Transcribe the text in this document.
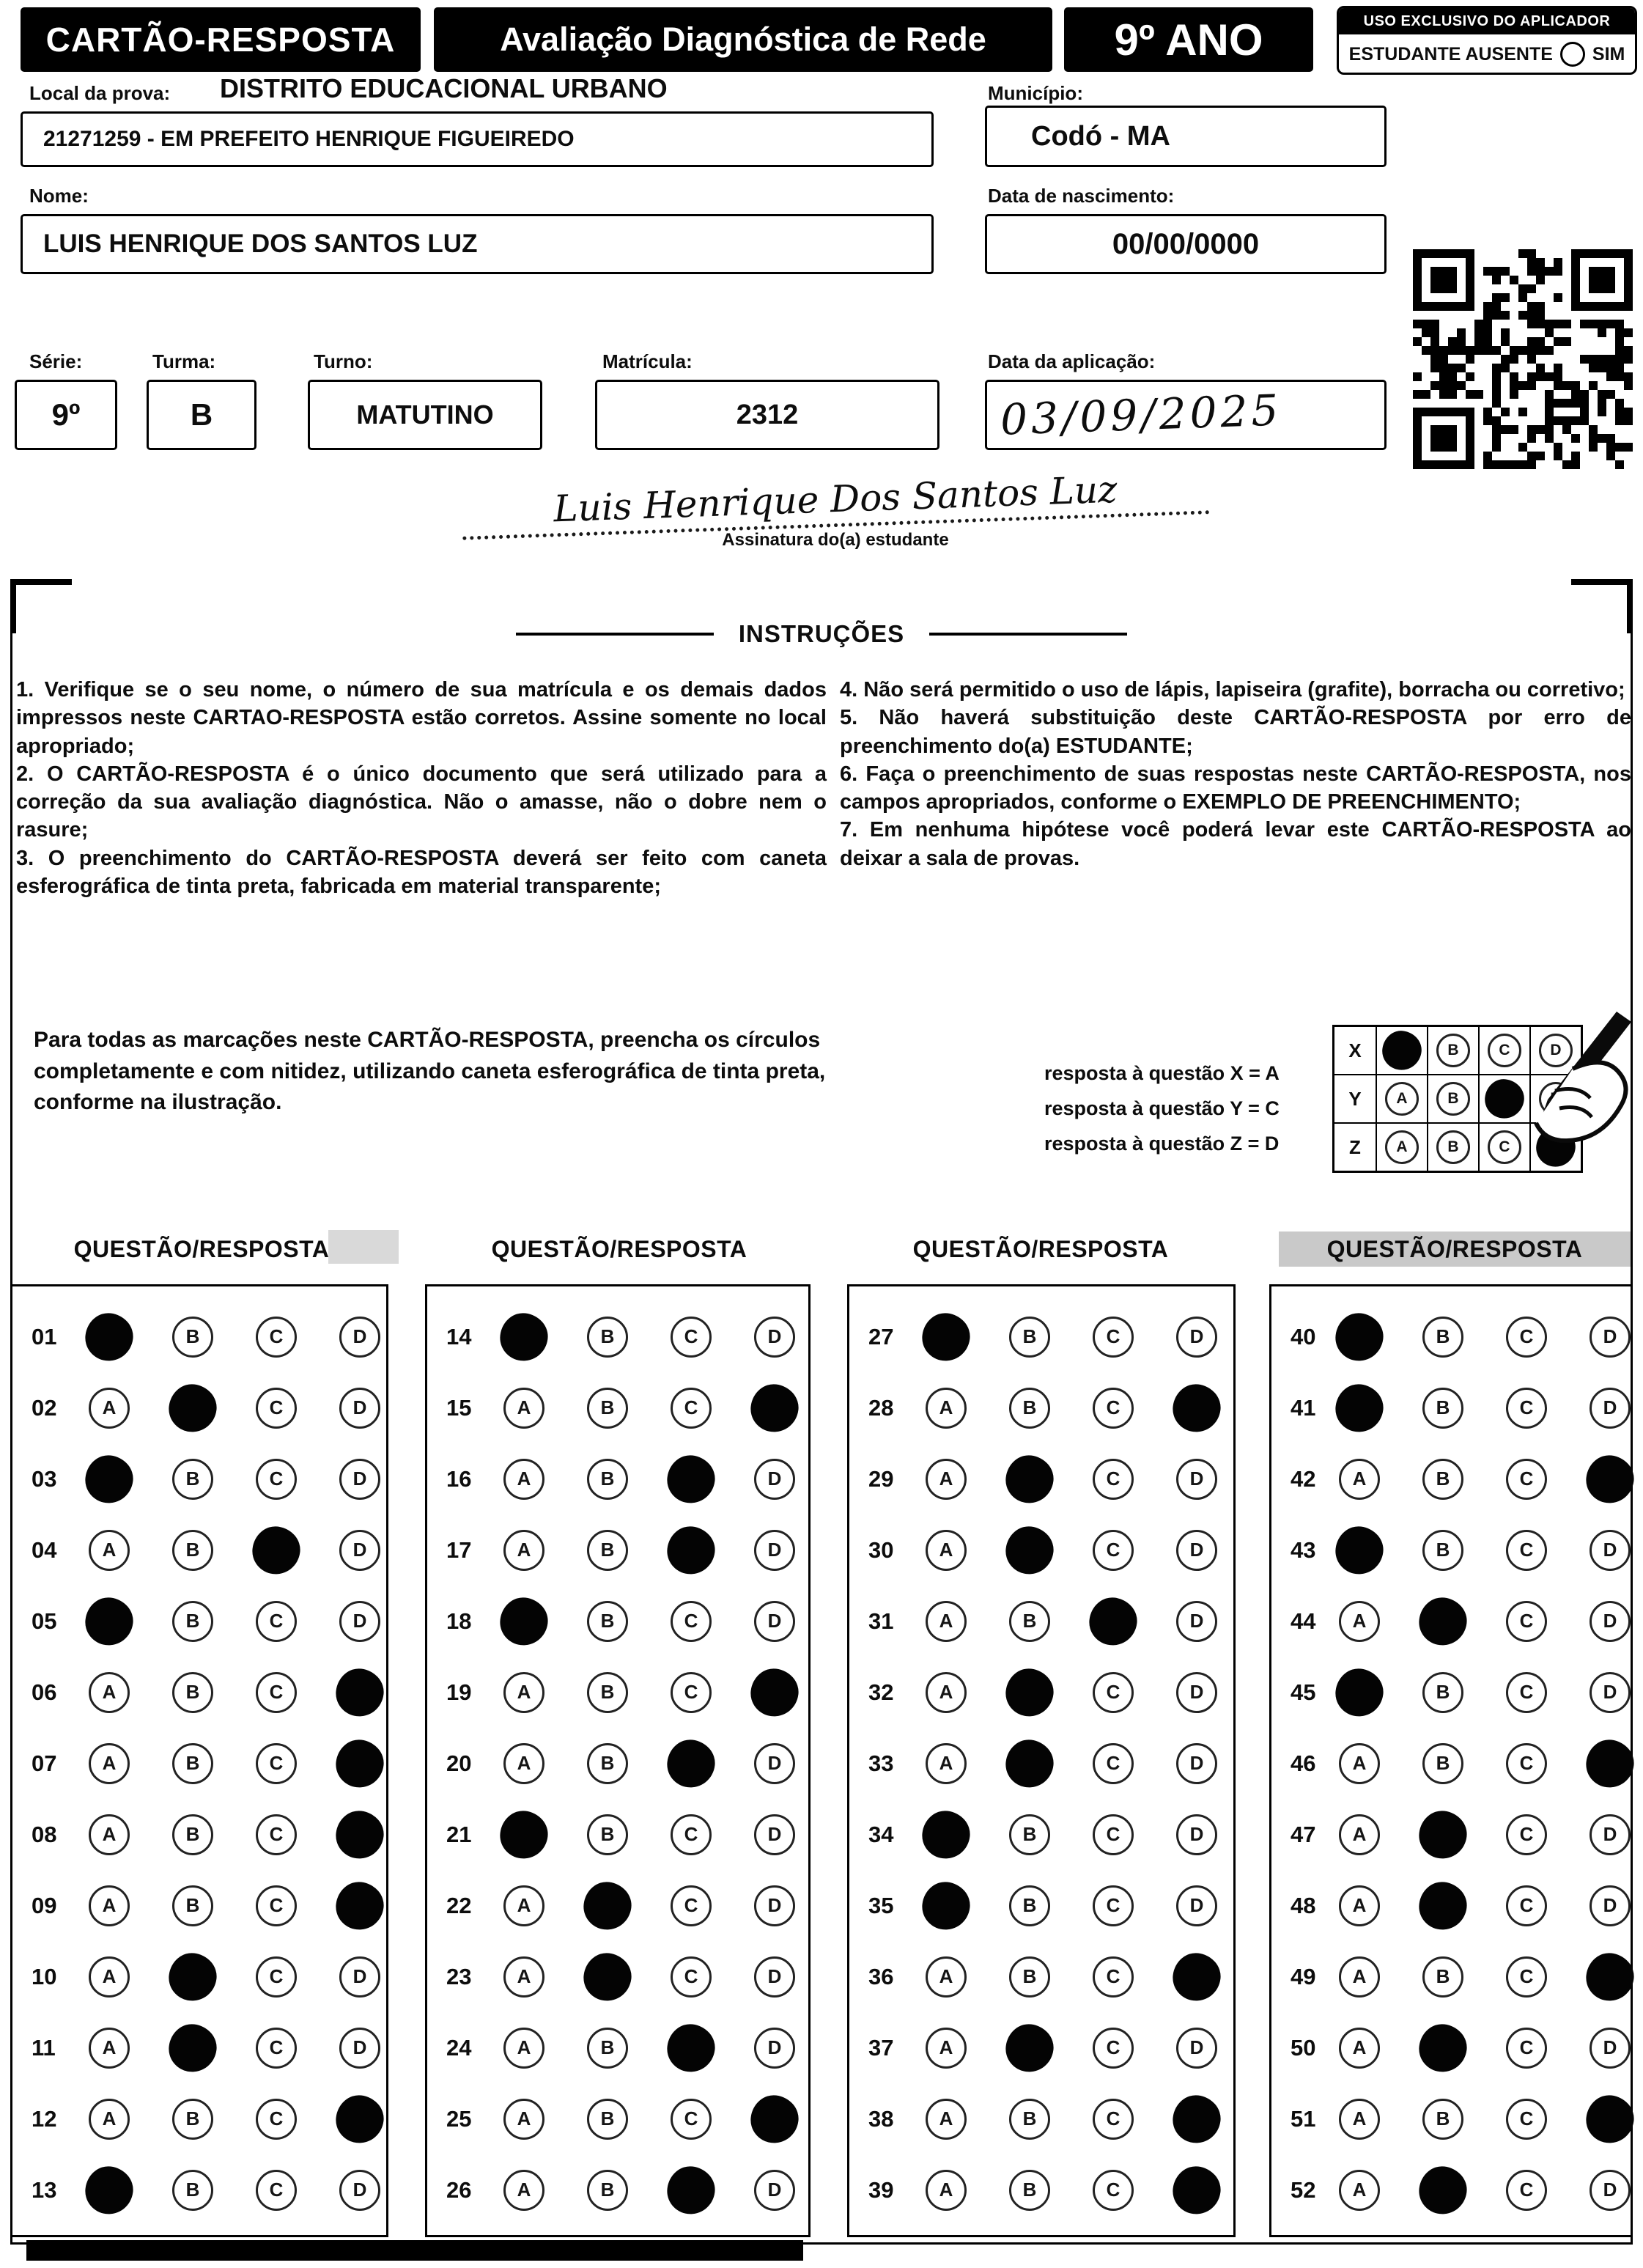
CARTÃO-RESPOSTA	Avaliação Diagnóstica de Rede	9º ANO	USO EXCLUSIVO DO APLICADOR
ESTUDANTE AUSENTE SIM
Local da prova: DISTRITO EDUCACIONAL URBANO	Município:
21271259 - EM PREFEITO HENRIQUE FIGUEIREDO	Codó - MA
Nome:	Data de nascimento:
LUIS HENRIQUE DOS SANTOS LUZ	00/00/0000
Série:	Turma:	Turno:	Matrícula:	Data da aplicação:
9º	B	MATUTINO	2312	03/09/2025
Luis Henrique Dos Santos Luz
Assinatura do(a) estudante
INSTRUÇÕES

1. Verifique se o seu nome, o número de sua matrícula e os demais dados impressos neste CARTAO-RESPOSTA estão corretos. Assine somente no local apropriado;

2. O CARTÃO-RESPOSTA é o único documento que será utilizado para a correção da sua avaliação diagnóstica. Não o amasse, não o dobre nem o rasure;

3. O preenchimento do CARTÃO-RESPOSTA deverá ser feito com caneta esferográfica de tinta preta, fabricada em material transparente;

4. Não será permitido o uso de lápis, lapiseira (grafite), borracha ou corretivo;

5. Não haverá substituição deste CARTÃO-RESPOSTA por erro de preenchimento do(a) ESTUDANTE;

6. Faça o preenchimento de suas respostas neste CARTÃO-RESPOSTA, nos campos apropriados, conforme o EXEMPLO DE PREENCHIMENTO;

7. Em nenhuma hipótese você poderá levar este CARTÃO-RESPOSTA ao deixar a sala de provas.

Para todas as marcações neste CARTÃO-RESPOSTA, preencha os círculos completamente e com nitidez, utilizando caneta esferográfica de tinta preta, conforme na ilustração.
resposta à questão X = A
resposta à questão Y = C
resposta à questão Z = D
X	B	C	D
Y	A	B
Z	A	B	C
QUESTÃO/RESPOSTA	QUESTÃO/RESPOSTA	QUESTÃO/RESPOSTA	QUESTÃO/RESPOSTA
01	B	C	D
02	A	C	D
03	B	C	D
04	A	B	D
05	B	C	D
06	A	B	C
07	A	B	C
08	A	B	C
09	A	B	C
10	A	C	D
11	A	C	D
12	A	B	C
13	B	C	D
14	B	C	D
15	A	B	C
16	A	B	D
17	A	B	D
18	B	C	D
19	A	B	C
20	A	B	D
21	B	C	D
22	A	C	D
23	A	C	D
24	A	B	D
25	A	B	C
26	A	B	D
27	B	C	D
28	A	B	C
29	A	C	D
30	A	C	D
31	A	B	D
32	A	C	D
33	A	C	D
34	B	C	D
35	B	C	D
36	A	B	C
37	A	C	D
38	A	B	C
39	A	B	C
40	B	C	D
41	B	C	D
42	A	B	C
43	B	C	D
44	A	C	D
45	B	C	D
46	A	B	C
47	A	C	D
48	A	C	D
49	A	B	C
50	A	C	D
51	A	B	C
52	A	C	D
